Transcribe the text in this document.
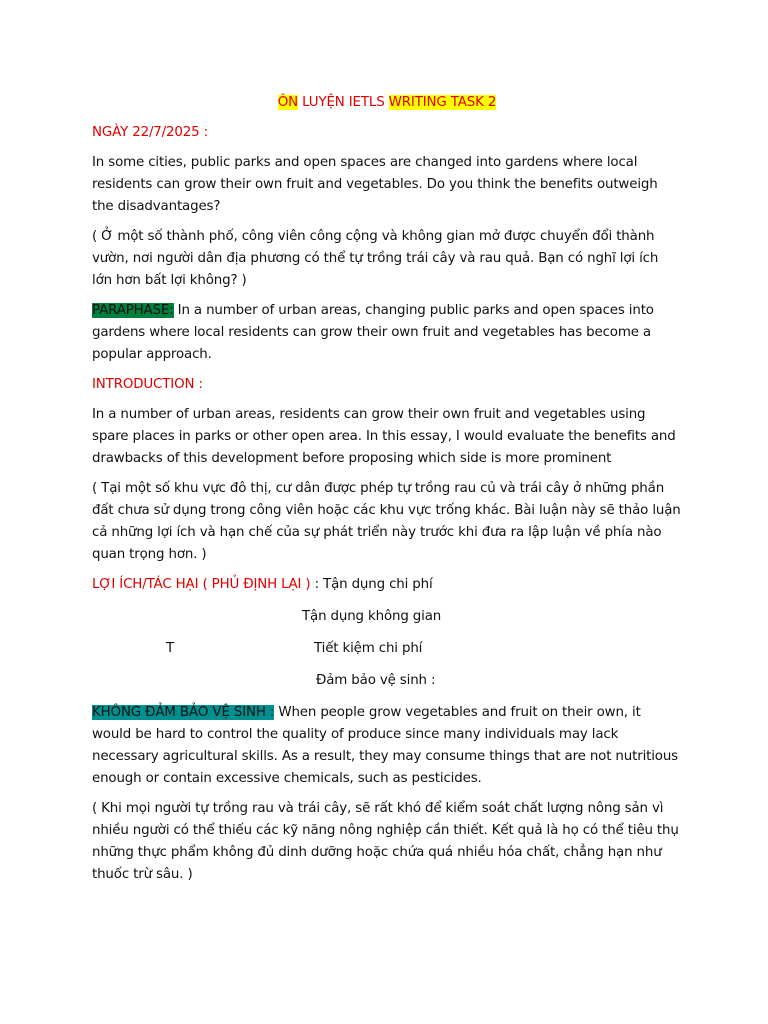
ÔN LUYỆN IETLS WRITING TASK 2
NGÀY 22/7/2025 :
In some cities, public parks and open spaces are changed into gardens where local residents can grow their own fruit and vegetables. Do you think the benefits outweigh the disadvantages?
( Ở một số thành phố, công viên công cộng và không gian mở được chuyển đổi thành vườn, nơi người dân địa phương có thể tự trồng trái cây và rau quả. Bạn có nghĩ lợi ích lớn hơn bất lợi không? )
PARAPHASE: In a number of urban areas, changing public parks and open spaces into gardens where local residents can grow their own fruit and vegetables has become a popular approach.
INTRODUCTION :
In a number of urban areas, residents can grow their own fruit and vegetables using spare places in parks or other open area. In this essay, I would evaluate the benefits and drawbacks of this development before proposing which side is more prominent
( Tại một số khu vực đô thị, cư dân được phép tự trồng rau củ và trái cây ở những phần đất chưa sử dụng trong công viên hoặc các khu vực trống khác. Bài luận này sẽ thảo luận cả những lợi ích và hạn chế của sự phát triển này trước khi đưa ra lập luận về phía nào quan trọng hơn. )
LỢI ÍCH/TÁC HẠI ( PHỦ ĐỊNH LẠI ) : Tận dụng chi phí
Tận dụng không gian
T	Tiết kiệm chi phí
Đảm bảo vệ sinh :
KHÔNG ĐẢM BẢO VỆ SINH : When people grow vegetables and fruit on their own, it would be hard to control the quality of produce since many individuals may lack necessary agricultural skills. As a result, they may consume things that are not nutritious enough or contain excessive chemicals, such as pesticides.
( Khi mọi người tự trồng rau và trái cây, sẽ rất khó để kiểm soát chất lượng nông sản vì nhiều người có thể thiếu các kỹ năng nông nghiệp cần thiết. Kết quả là họ có thể tiêu thụ những thực phẩm không đủ dinh dưỡng hoặc chứa quá nhiều hóa chất, chẳng hạn như thuốc trừ sâu. )
